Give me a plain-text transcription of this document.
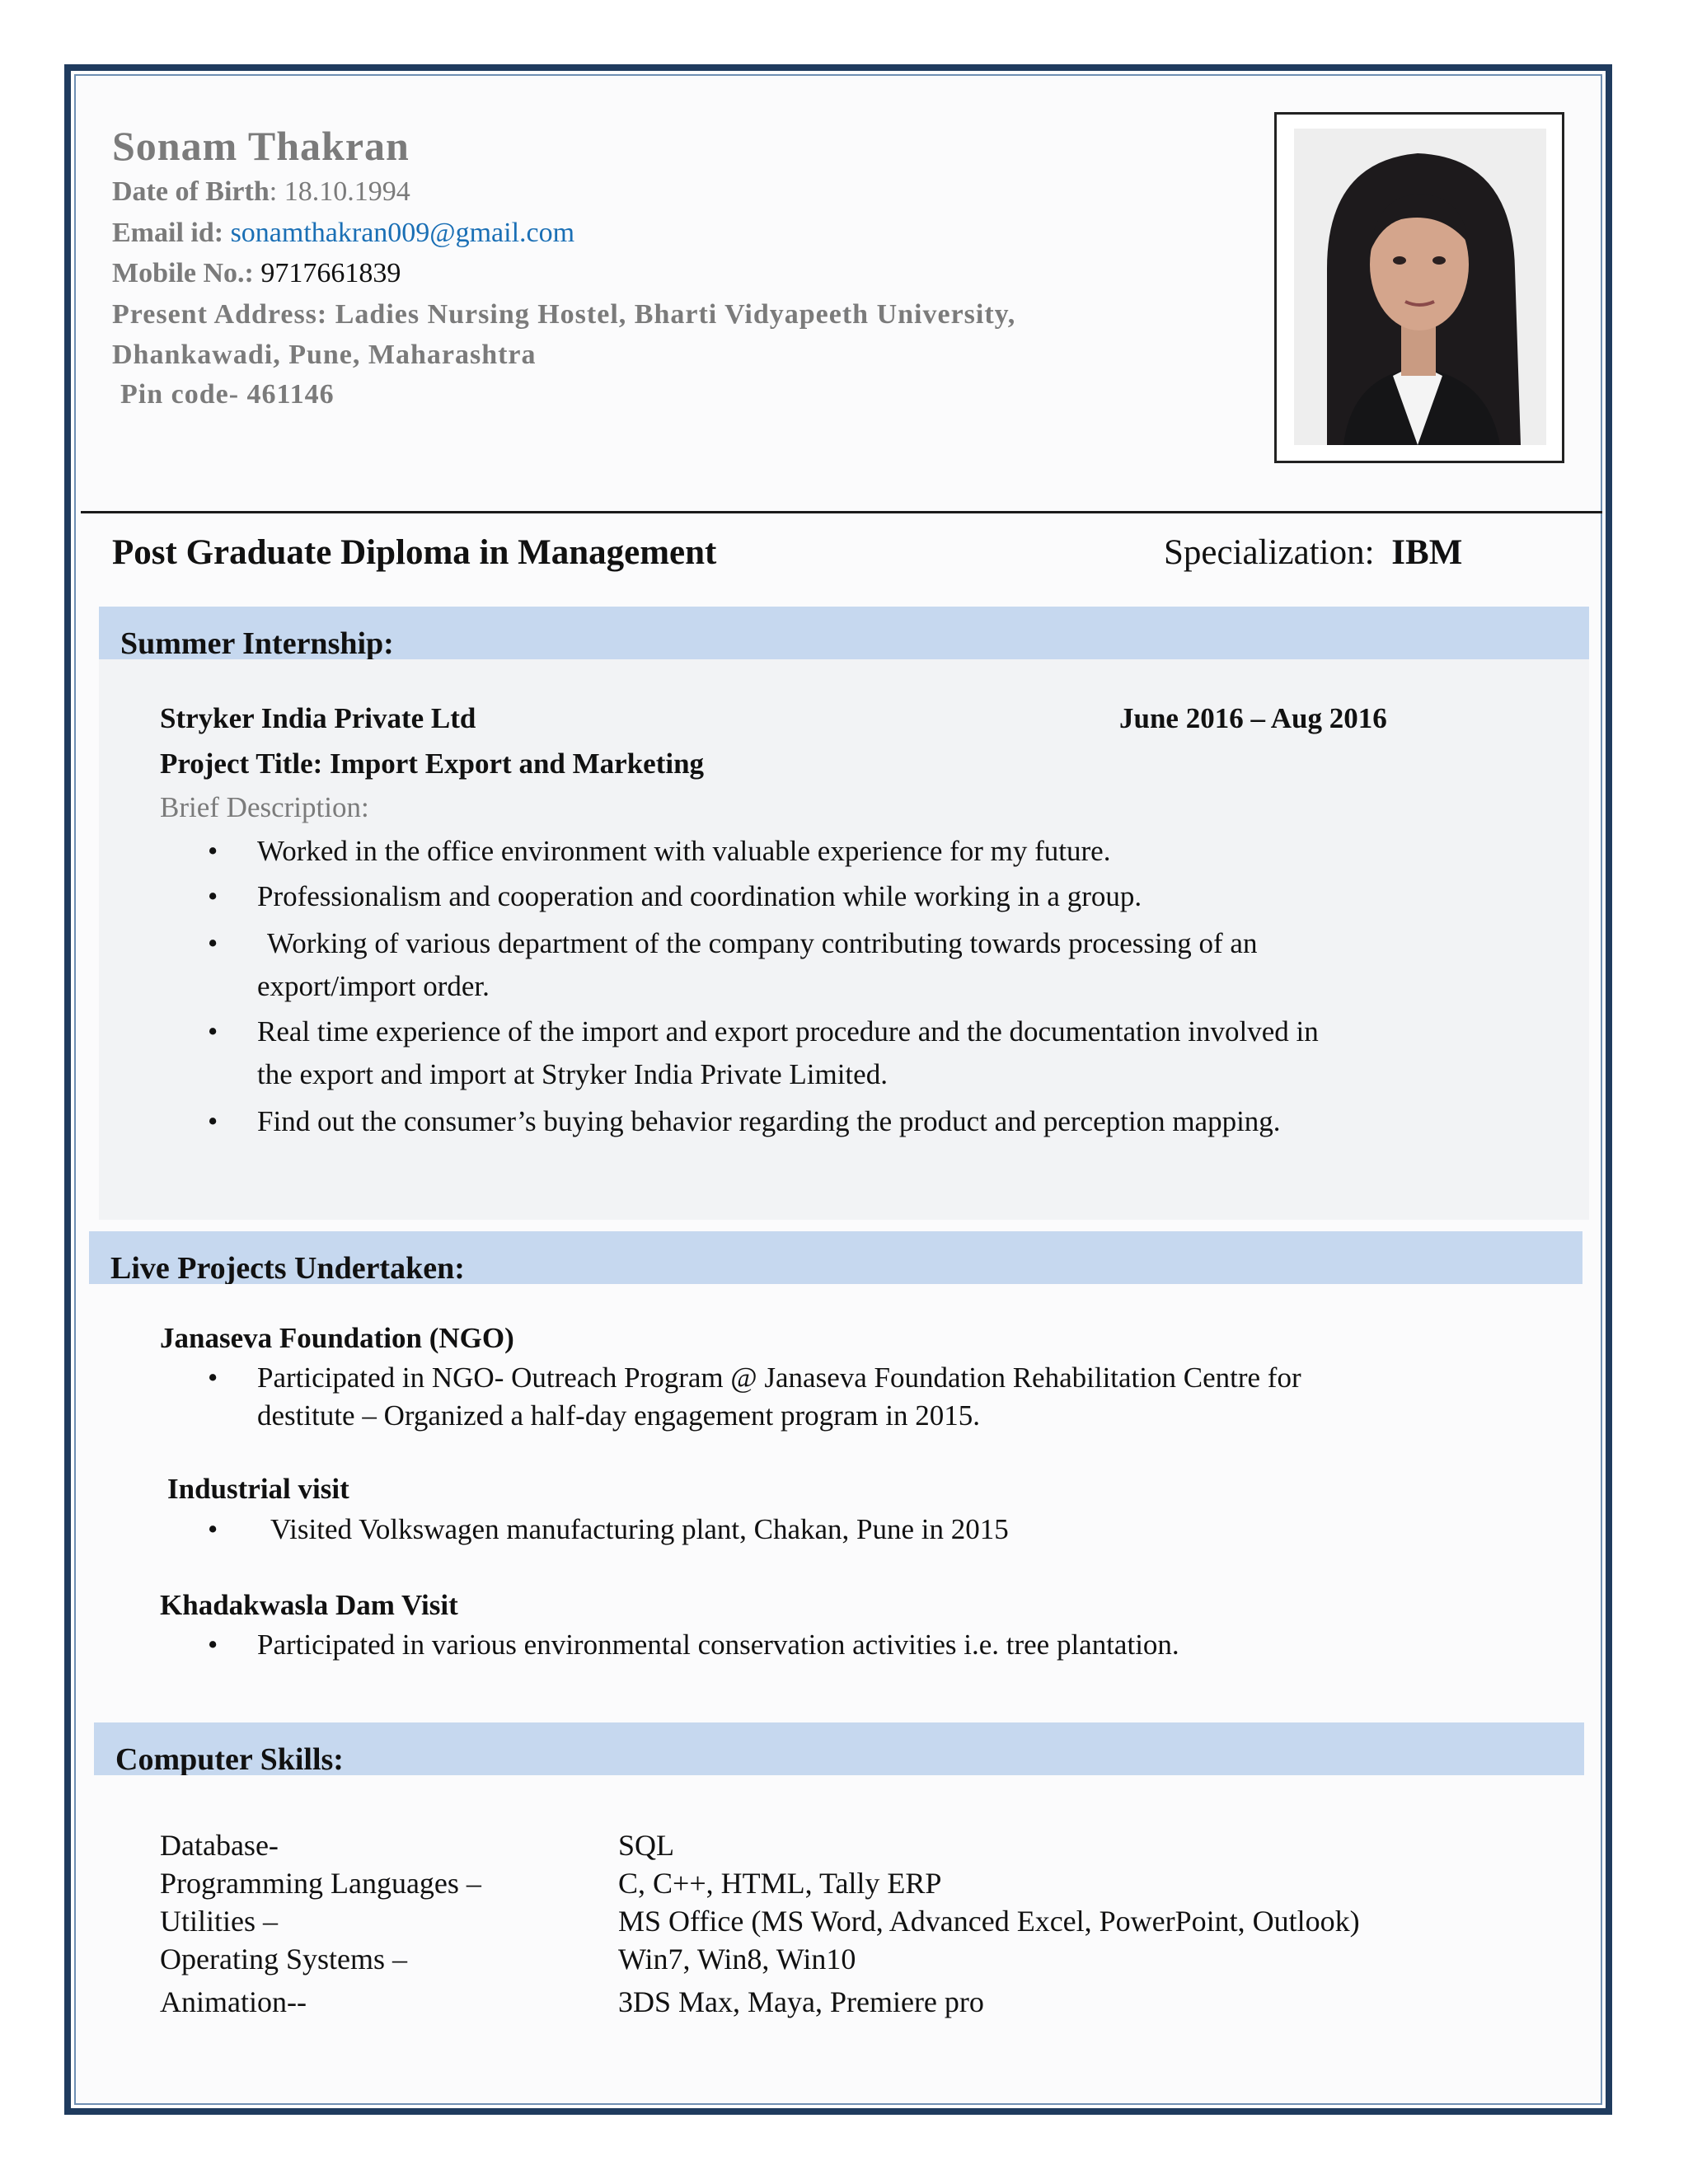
Sonam Thakran
Date of Birth: 18.10.1994
Email id: sonamthakran009@gmail.com
Mobile No.: 9717661839
Present Address: Ladies Nursing Hostel, Bharti Vidyapeeth University,
Dhankawadi, Pune, Maharashtra
Pin code- 461146
Post Graduate Diploma in Management	Specialization: IBM
Summer Internship:
Stryker India Private Ltd	June 2016 – Aug 2016
Project Title: Import Export and Marketing
Brief Description:
• Worked in the office environment with valuable experience for my future.
• Professionalism and cooperation and coordination while working in a group.
• Working of various department of the company contributing towards processing of an
export/import order.
• Real time experience of the import and export procedure and the documentation involved in
the export and import at Stryker India Private Limited.
• Find out the consumer’s buying behavior regarding the product and perception mapping.
Live Projects Undertaken:
Janaseva Foundation (NGO)
• Participated in NGO- Outreach Program @ Janaseva Foundation Rehabilitation Centre for
destitute – Organized a half-day engagement program in 2015.
Industrial visit
• Visited Volkswagen manufacturing plant, Chakan, Pune in 2015
Khadakwasla Dam Visit
• Participated in various environmental conservation activities i.e. tree plantation.
Computer Skills:
Database-	SQL
Programming Languages –	C, C++, HTML, Tally ERP
Utilities –	MS Office (MS Word, Advanced Excel, PowerPoint, Outlook)
Operating Systems –	Win7, Win8, Win10
Animation--	3DS Max, Maya, Premiere pro
